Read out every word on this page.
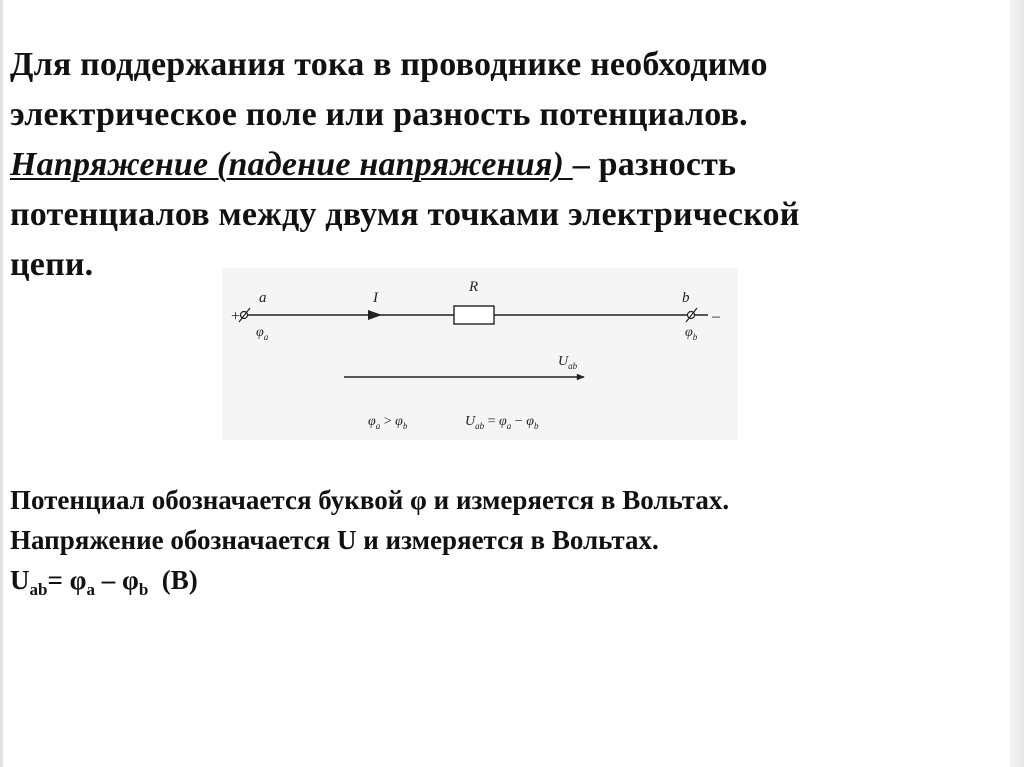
Для поддержания тока в проводнике необходимо
электрическое поле или разность потенциалов.
Напряжение (падение напряжения) – разность
потенциалов между двумя точками электрической
цепи.
+	–
a	b
$\varphi_a$	$\varphi_b$
I
R
$U_{ab}$
$\varphi_a > \varphi_b$	$U_{ab} = \varphi_a - \varphi_b$
Потенциал обозначается буквой φ и измеряется в Вольтах.
Напряжение обозначается U и измеряется в Вольтах.
$U_{ab}= \varphi_a - \varphi_b$  (В)
